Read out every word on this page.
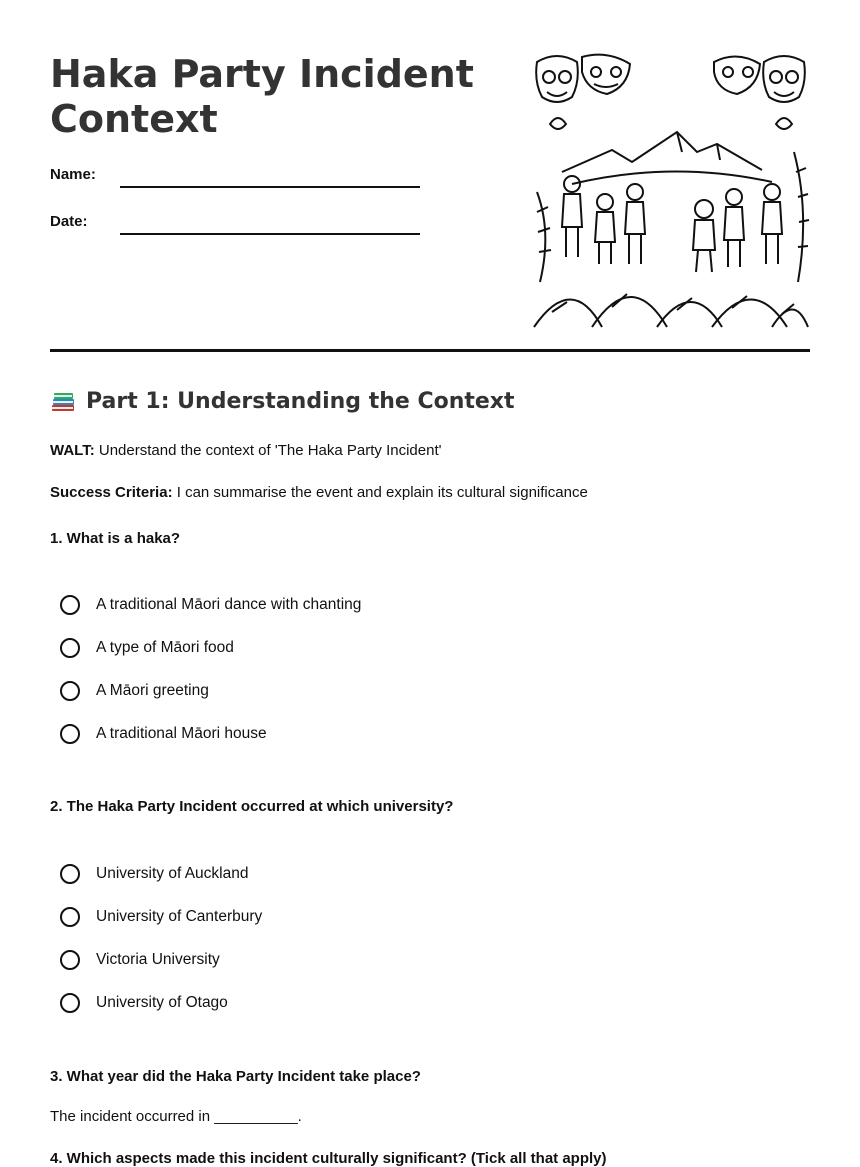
Haka Party Incident Context
Name:
Date:
Part 1: Understanding the Context
WALT: Understand the context of 'The Haka Party Incident'
Success Criteria: I can summarise the event and explain its cultural significance
1. What is a haka?
A traditional Māori dance with chanting
A type of Māori food
A Māori greeting
A traditional Māori house
2. The Haka Party Incident occurred at which university?
University of Auckland
University of Canterbury
Victoria University
University of Otago
3. What year did the Haka Party Incident take place?
The incident occurred in __________.
4. Which aspects made this incident culturally significant? (Tick all that apply)
